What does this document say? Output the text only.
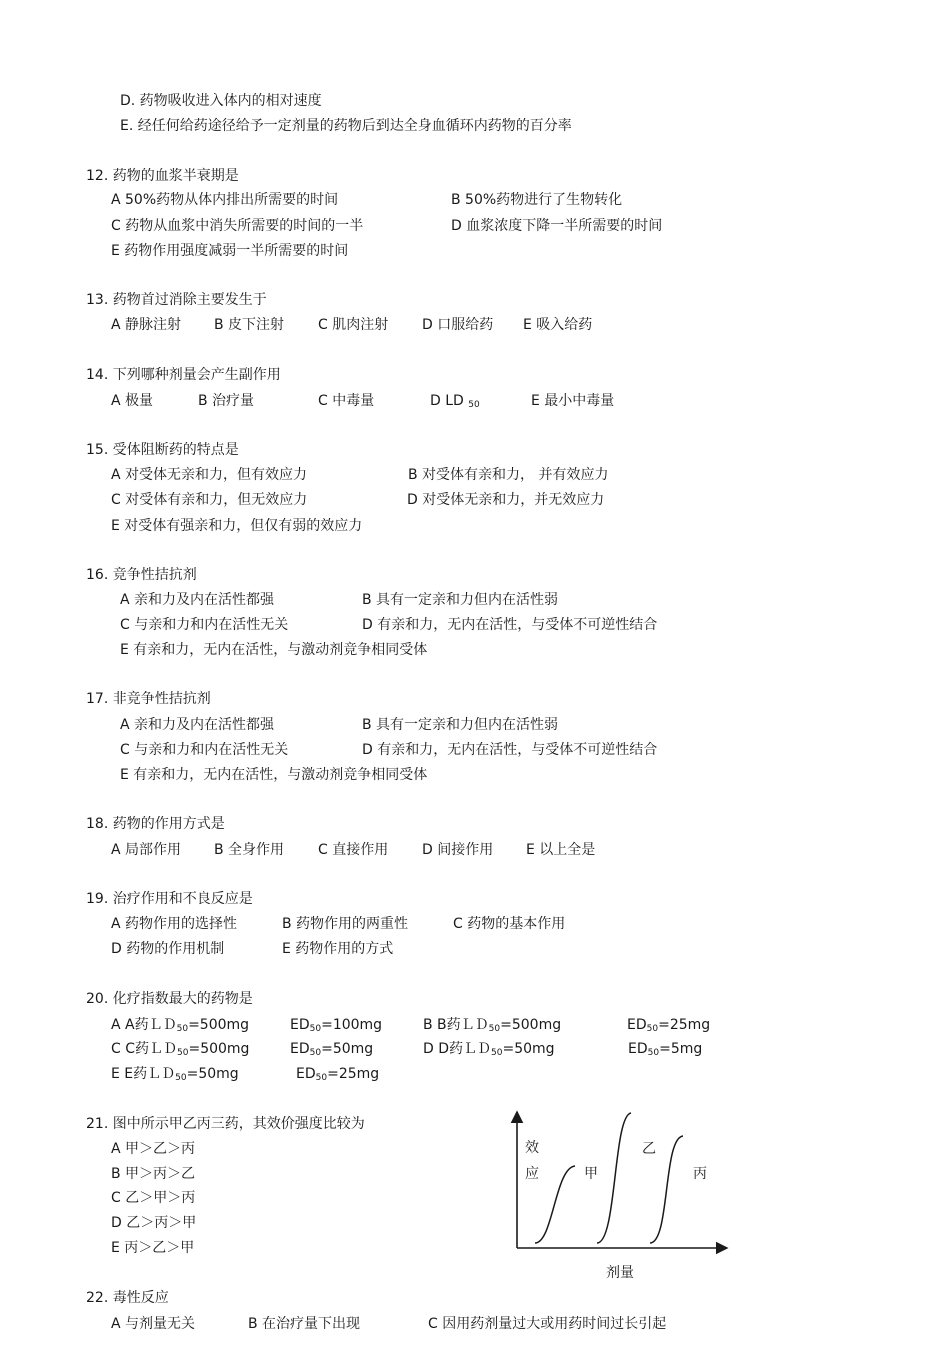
D. 药物吸收进入体内的相对速度
E. 经任何给药途径给予一定剂量的药物后到达全身血循环内药物的百分率
12. 药物的血浆半衰期是
A 50%药物从体内排出所需要的时间	B 50%药物进行了生物转化
C 药物从血浆中消失所需要的时间的一半	D 血浆浓度下降一半所需要的时间
E 药物作用强度减弱一半所需要的时间
13. 药物首过消除主要发生于
A 静脉注射 B 皮下注射 C 肌肉注射 D 口服给药 E 吸入给药
14. 下列哪种剂量会产生副作用
A 极量	B 治疗量	C 中毒量	D LD 50	E 最小中毒量
15. 受体阻断药的特点是
A 对受体无亲和力，但有效应力	B 对受体有亲和力， 并有效应力
C 对受体有亲和力，但无效应力	D 对受体无亲和力，并无效应力
E 对受体有强亲和力，但仅有弱的效应力
16. 竞争性拮抗剂
A 亲和力及内在活性都强	B 具有一定亲和力但内在活性弱
C 与亲和力和内在活性无关	D 有亲和力，无内在活性，与受体不可逆性结合
E 有亲和力，无内在活性，与激动剂竞争相同受体
17. 非竞争性拮抗剂
A 亲和力及内在活性都强	B 具有一定亲和力但内在活性弱
C 与亲和力和内在活性无关	D 有亲和力，无内在活性，与受体不可逆性结合
E 有亲和力，无内在活性，与激动剂竞争相同受体
18. 药物的作用方式是
A 局部作用 B 全身作用 C 直接作用 D 间接作用 E 以上全是
19. 治疗作用和不良反应是
A 药物作用的选择性	B 药物作用的两重性	C 药物的基本作用
D 药物的作用机制	E 药物作用的方式
20. 化疗指数最大的药物是
A A药ＬＤ50=500mg	ED50=100mg	B B药ＬＤ50=500mg	ED50=25mg
C C药ＬＤ50=500mg	ED50=50mg	D D药ＬＤ50=50mg	ED50=5mg
E E药ＬＤ50=50mg	ED50=25mg
21. 图中所示甲乙丙三药，其效价强度比较为
A 甲＞乙＞丙
B 甲＞丙＞乙
C 乙＞甲＞丙
D 乙＞丙＞甲
E 丙＞乙＞甲
效
应	甲
乙
丙
剂量
22. 毒性反应
A 与剂量无关	B 在治疗量下出现	C 因用药剂量过大或用药时间过长引起
